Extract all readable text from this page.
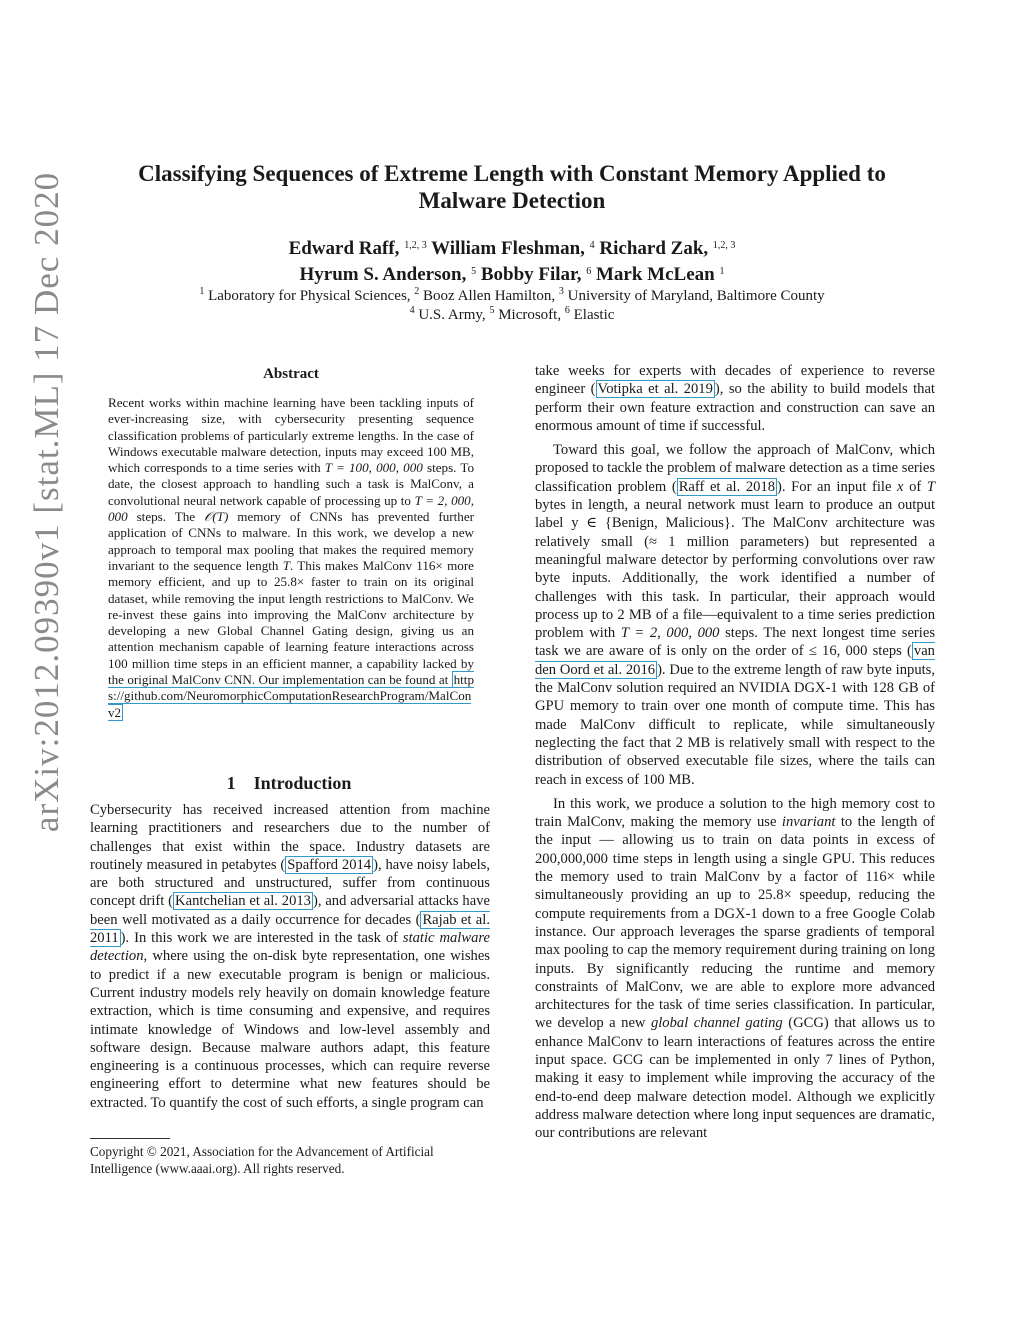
Classifying Sequences of Extreme Length with Constant Memory Applied to Malware Detection
Edward Raff, $^{1,2, 3}$ William Fleshman, $^4$ Richard Zak, $^{1,2, 3}$
Hyrum S. Anderson, $^5$ Bobby Filar, $^6$ Mark McLean $^1$
$^1$ Laboratory for Physical Sciences, $^2$ Booz Allen Hamilton, $^3$ University of Maryland, Baltimore County
$^4$ U.S. Army, $^5$ Microsoft, $^6$ Elastic
arXiv:2012.09390v1 [stat.ML] 17 Dec 2020	Abstract
Recent works within machine learning have been tackling inputs of ever-increasing size, with cybersecurity presenting sequence classification problems of particularly extreme lengths. In the case of Windows executable malware detection, inputs may exceed 100 MB, which corresponds to a time series with T = 100, 000, 000 steps. To date, the closest approach to handling such a task is MalConv, a convolutional neural network capable of processing up to T = 2, 000, 000 steps. The 𝒪(T) memory of CNNs has prevented further application of CNNs to malware. In this work, we develop a new approach to temporal max pooling that makes the required memory invariant to the sequence length T. This makes MalConv 116× more memory efficient, and up to 25.8× faster to train on its original dataset, while removing the input length restrictions to MalConv. We re-invest these gains into improving the MalConv architecture by developing a new Global Channel Gating design, giving us an attention mechanism capable of learning feature interactions across 100 million time steps in an efficient manner, a capability lacked by the original MalConv CNN. Our implementation can be found at https://github.com/NeuromorphicComputationResearchProgram/MalConv2
1 Introduction
Cybersecurity has received increased attention from machine learning practitioners and researchers due to the number of challenges that exist within the space. Industry datasets are routinely measured in petabytes ( Spafford 2014 ), have noisy labels, are both structured and unstructured, suffer from continuous concept drift ( Kantchelian et al. 2013 ), and adversarial attacks have been well motivated as a daily occurrence for decades ( Rajab et al. 2011 ). In this work we are interested in the task of static malware detection, where using the on-disk byte representation, one wishes to predict if a new executable program is benign or malicious. Current industry models rely heavily on domain knowledge feature extraction, which is time consuming and expensive, and requires intimate knowledge of Windows and low-level assembly and software design. Because malware authors adapt, this feature engineering is a continuous processes, which can require reverse engineering effort to determine what new features should be extracted. To quantify the cost of such efforts, a single program can
Copyright © 2021, Association for the Advancement of Artificial Intelligence (www.aaai.org). All rights reserved.

take weeks for experts with decades of experience to reverse engineer ( Votipka et al. 2019 ), so the ability to build models that perform their own feature extraction and construction can save an enormous amount of time if successful.

Toward this goal, we follow the approach of MalConv, which proposed to tackle the problem of malware detection as a time series classification problem ( Raff et al. 2018 ). For an input file x of T bytes in length, a neural network must learn to produce an output label y ∈ {Benign, Malicious}. The MalConv architecture was relatively small (≈ 1 million parameters) but represented a meaningful malware detector by performing convolutions over raw byte inputs. Additionally, the work identified a number of challenges with this task. In particular, their approach would process up to 2 MB of a file—equivalent to a time series prediction problem with T = 2, 000, 000 steps. The next longest time series task we are aware of is only on the order of ≤ 16, 000 steps ( van den Oord et al. 2016 ). Due to the extreme length of raw byte inputs, the MalConv solution required an NVIDIA DGX-1 with 128 GB of GPU memory to train over one month of compute time. This has made MalConv difficult to replicate, while simultaneously neglecting the fact that 2 MB is relatively small with respect to the distribution of observed executable file sizes, where the tails can reach in excess of 100 MB.

In this work, we produce a solution to the high memory cost to train MalConv, making the memory use invariant to the length of the input — allowing us to train on data points in excess of 200,000,000 time steps in length using a single GPU. This reduces the memory used to train MalConv by a factor of 116× while simultaneously providing an up to 25.8× speedup, reducing the compute requirements from a DGX-1 down to a free Google Colab instance. Our approach leverages the sparse gradients of temporal max pooling to cap the memory requirement during training on long inputs. By significantly reducing the runtime and memory constraints of MalConv, we are able to explore more advanced architectures for the task of time series classification. In particular, we develop a new global channel gating (GCG) that allows us to enhance MalConv to learn interactions of features across the entire input space. GCG can be implemented in only 7 lines of Python, making it easy to implement while improving the accuracy of the end-to-end deep malware detection model. Although we explicitly address malware detection where long input sequences are dramatic, our contributions are relevant
